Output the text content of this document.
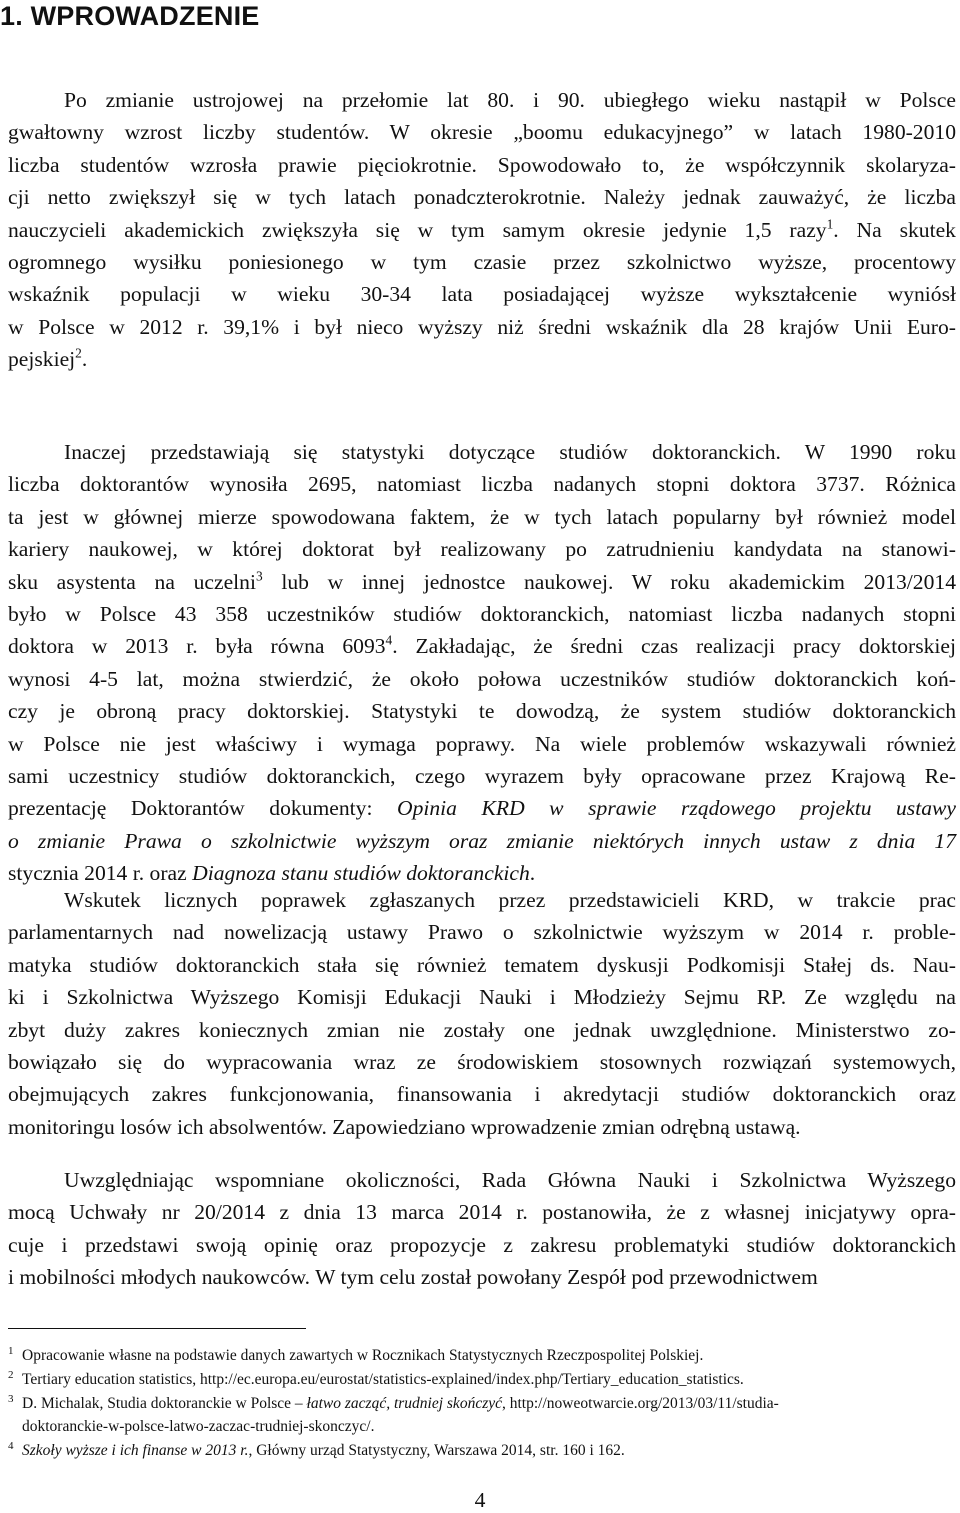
1. WPROWADZENIE
Po zmianie ustrojowej na przełomie lat 80. i 90. ubiegłego wieku nastąpił w Polsce
gwałtowny wzrost liczby studentów. W okresie „boomu edukacyjnego” w latach 1980-2010
liczba studentów wzrosła prawie pięciokrotnie. Spowodowało to, że współczynnik skolaryza-
cji netto zwiększył się w tych latach ponadczterokrotnie. Należy jednak zauważyć, że liczba
nauczycieli akademickich zwiększyła się w tym samym okresie jedynie 1,5 razy$^1$. Na skutek
ogromnego wysiłku poniesionego w tym czasie przez szkolnictwo wyższe, procentowy
wskaźnik populacji w wieku 30-34 lata posiadającej wyższe wykształcenie wyniósł
w Polsce w 2012 r. 39,1% i był nieco wyższy niż średni wskaźnik dla 28 krajów Unii Euro-
pejskiej$^2$.
Inaczej przedstawiają się statystyki dotyczące studiów doktoranckich. W 1990 roku
liczba doktorantów wynosiła 2695, natomiast liczba nadanych stopni doktora 3737. Różnica
ta jest w głównej mierze spowodowana faktem, że w tych latach popularny był również model
kariery naukowej, w której doktorat był realizowany po zatrudnieniu kandydata na stanowi-
sku asystenta na uczelni$^3$ lub w innej jednostce naukowej. W roku akademickim 2013/2014
było w Polsce 43 358 uczestników studiów doktoranckich, natomiast liczba nadanych stopni
doktora w 2013 r. była równa 6093$^4$. Zakładając, że średni czas realizacji pracy doktorskiej
wynosi 4-5 lat, można stwierdzić, że około połowa uczestników studiów doktoranckich koń-
czy je obroną pracy doktorskiej. Statystyki te dowodzą, że system studiów doktoranckich
w Polsce nie jest właściwy i wymaga poprawy. Na wiele problemów wskazywali również
sami uczestnicy studiów doktoranckich, czego wyrazem były opracowane przez Krajową Re-
prezentację Doktorantów dokumenty: Opinia KRD w sprawie rządowego projektu ustawy
o zmianie Prawa o szkolnictwie wyższym oraz zmianie niektórych innych ustaw z dnia 17
stycznia 2014 r. oraz Diagnoza stanu studiów doktoranckich.
Wskutek licznych poprawek zgłaszanych przez przedstawicieli KRD, w trakcie prac
parlamentarnych nad nowelizacją ustawy Prawo o szkolnictwie wyższym w 2014 r. proble-
matyka studiów doktoranckich stała się również tematem dyskusji Podkomisji Stałej ds. Nau-
ki i Szkolnictwa Wyższego Komisji Edukacji Nauki i Młodzieży Sejmu RP. Ze względu na
zbyt duży zakres koniecznych zmian nie zostały one jednak uwzględnione. Ministerstwo zo-
bowiązało się do wypracowania wraz ze środowiskiem stosownych rozwiązań systemowych,
obejmujących zakres funkcjonowania, finansowania i akredytacji studiów doktoranckich oraz
monitoringu losów ich absolwentów. Zapowiedziano wprowadzenie zmian odrębną ustawą.
Uwzględniając wspomniane okoliczności, Rada Główna Nauki i Szkolnictwa Wyższego
mocą Uchwały nr 20/2014 z dnia 13 marca 2014 r. postanowiła, że z własnej inicjatywy opra-
cuje i przedstawi swoją opinię oraz propozycje z zakresu problematyki studiów doktoranckich
i mobilności młodych naukowców. W tym celu został powołany Zespół pod przewodnictwem
1 Opracowanie własne na podstawie danych zawartych w Rocznikach Statystycznych Rzeczpospolitej Polskiej.
2 Tertiary education statistics, http://ec.europa.eu/eurostat/statistics-explained/index.php/Tertiary_education_statistics.
3 D. Michalak, Studia doktoranckie w Polsce – łatwo zacząć, trudniej skończyć, http://noweotwarcie.org/2013/03/11/studia-
doktoranckie-w-polsce-latwo-zaczac-trudniej-skonczyc/.
4 Szkoły wyższe i ich finanse w 2013 r., Główny urząd Statystyczny, Warszawa 2014, str. 160 i 162.
4
